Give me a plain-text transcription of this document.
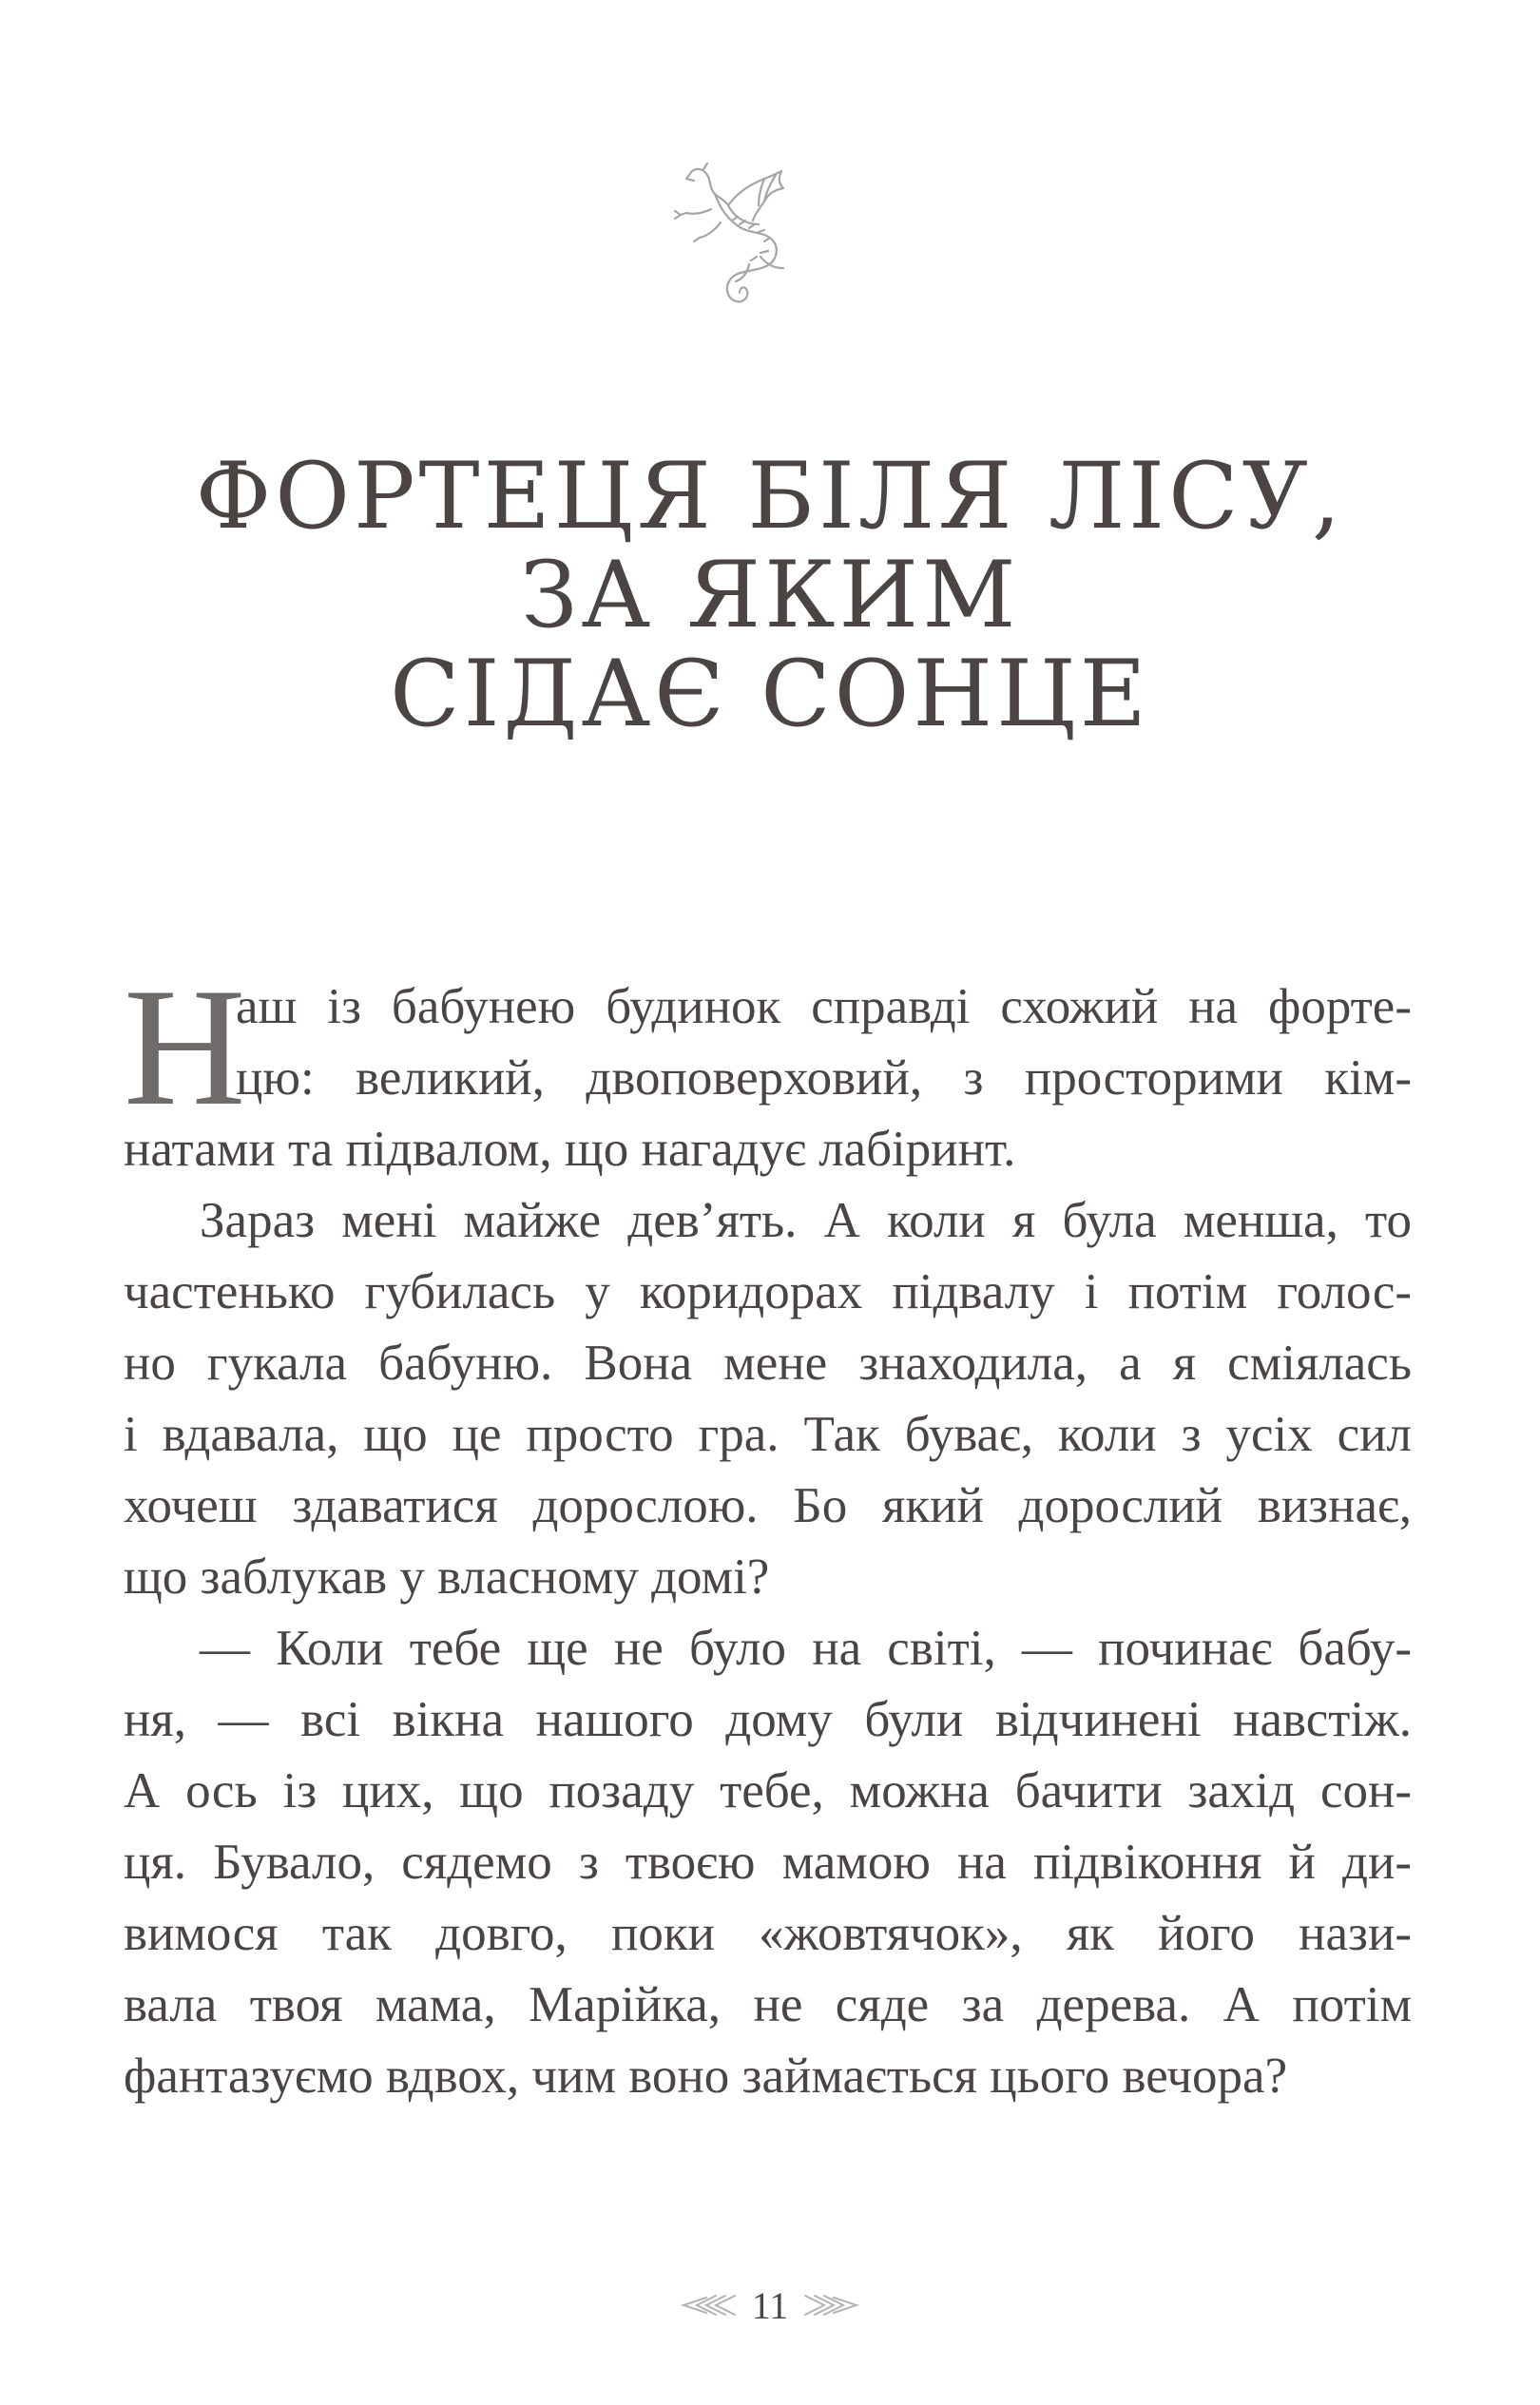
ФОРТЕЦЯ БІЛЯ ЛІСУ,
ЗА ЯКИМ
СІДАЄ СОНЦЕ
Н
аш із бабунею будинок справді схожий на форте-
цю: великий, двоповерховий, з просторими кім-
натами та підвалом, що нагадує лабіринт.
Зараз мені майже дев’ять. А коли я була менша, то
частенько губилась у коридорах підвалу і потім голос-
но гукала бабуню. Вона мене знаходила, а я сміялась
і вдавала, що це просто гра. Так буває, коли з усіх сил
хочеш здаватися дорослою. Бо який дорослий визнає,
що заблукав у власному домі?
— Коли тебе ще не було на світі, — починає бабу-
ня, — всі вікна нашого дому були відчинені навстіж.
А ось із цих, що позаду тебе, можна бачити захід сон-
ця. Бувало, сядемо з твоєю мамою на підвіконня й ди-
вимося так довго, поки «жовтячок», як його нази-
вала твоя мама, Марійка, не сяде за дерева. А потім
фантазуємо вдвох, чим воно займається цього вечора?
11
